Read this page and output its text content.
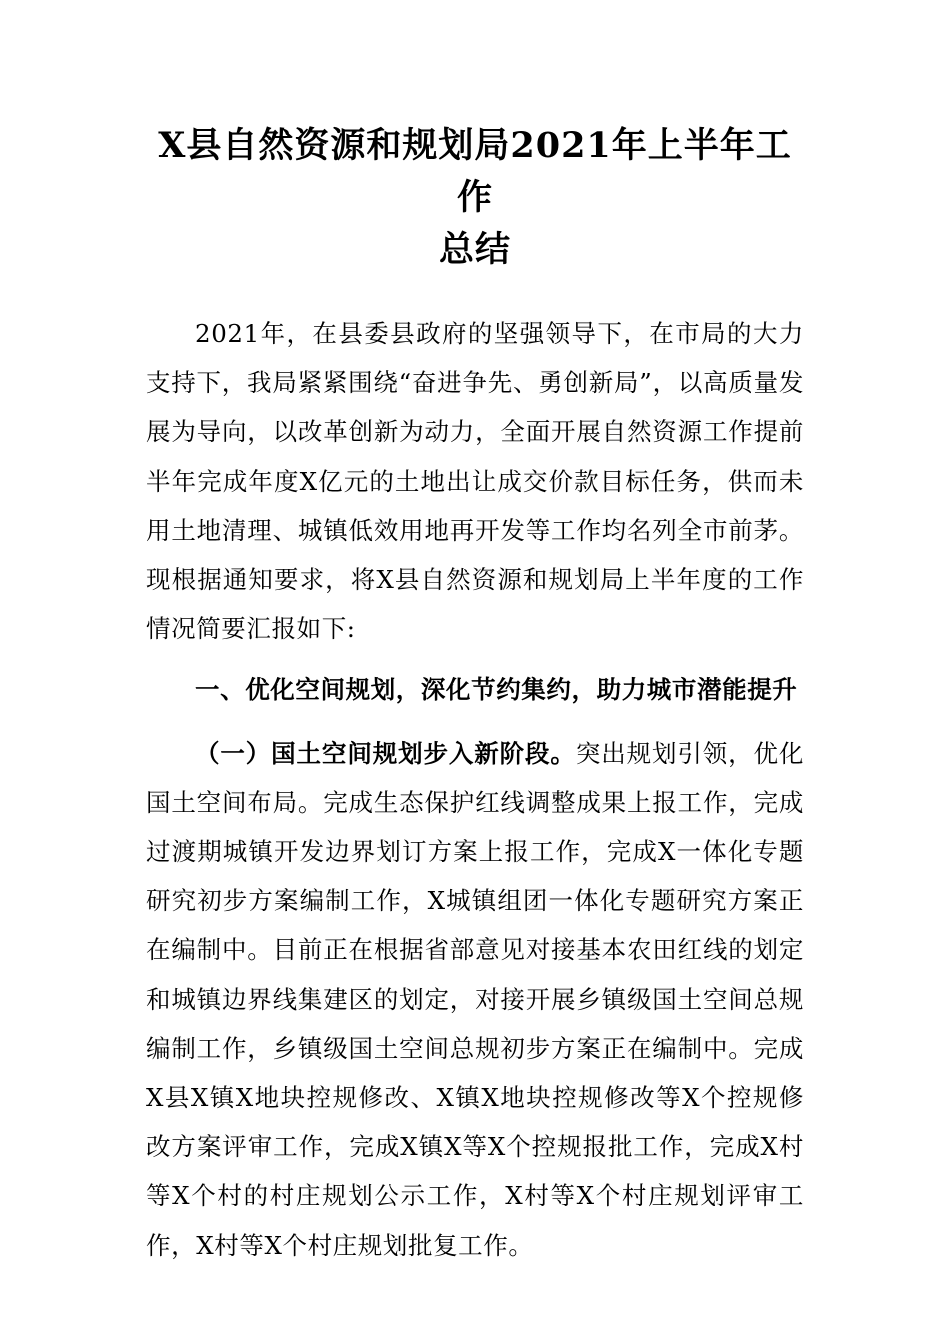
X县自然资源和规划局2021年上半年工作
总结

2021年，在县委县政府的坚强领导下，在市局的大力支持下，我局紧紧围绕“奋进争先、勇创新局”，以高质量发展为导向，以改革创新为动力，全面开展自然资源工作提前半年完成年度X亿元的土地出让成交价款目标任务，供而未用土地清理、城镇低效用地再开发等工作均名列全市前茅。现根据通知要求，将X县自然资源和规划局上半年度的工作情况简要汇报如下:

一、优化空间规划，深化节约集约，助力城市潜能提升

（一）国土空间规划步入新阶段。突出规划引领，优化国土空间布局。完成生态保护红线调整成果上报工作，完成过渡期城镇开发边界划订方案上报工作，完成X一体化专题研究初步方案编制工作，X城镇组团一体化专题研究方案正在编制中。目前正在根据省部意见对接基本农田红线的划定和城镇边界线集建区的划定，对接开展乡镇级国土空间总规编制工作，乡镇级国土空间总规初步方案正在编制中。完成X县X镇X地块控规修改、X镇X地块控规修改等X个控规修改方案评审工作，完成X镇X等X个控规报批工作，完成X村等X个村的村庄规划公示工作，X村等X个村庄规划评审工作，X村等X个村庄规划批复工作。
